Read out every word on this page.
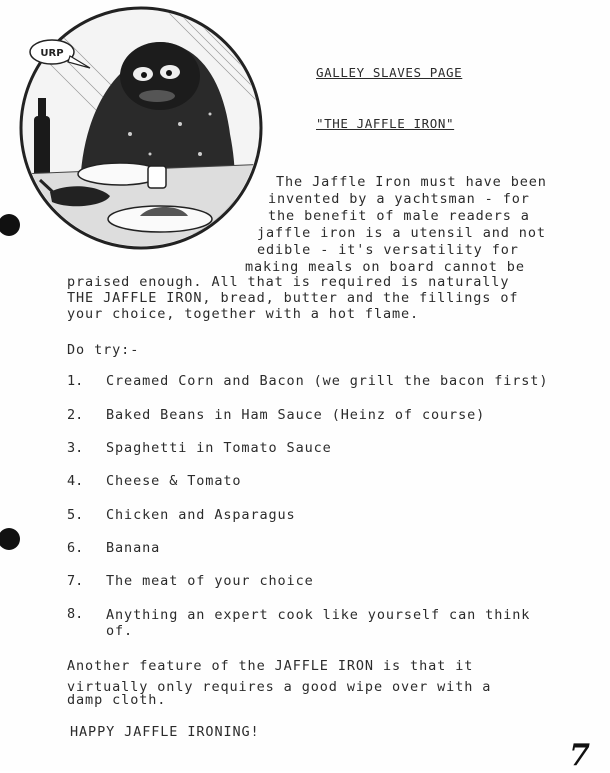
URP
GALLEY SLAVES PAGE
"THE JAFFLE IRON"
The Jaffle Iron must have been
invented by a yachtsman - for
the benefit of male readers a
jaffle iron is a utensil and not
edible - it's versatility for
making meals on board cannot be
praised enough. All that is required is naturally
THE JAFFLE IRON, bread, butter and the fillings of
your choice, together with a hot flame.
Do try:-
1. Creamed Corn and Bacon (we grill the bacon first)
2. Baked Beans in Ham Sauce (Heinz of course)
3. Spaghetti in Tomato Sauce
4. Cheese & Tomato
5. Chicken and Asparagus
6. Banana
7. The meat of your choice
8. Anything an expert cook like yourself can think
of.
Another feature of the JAFFLE IRON is that it
virtually only requires a good wipe over with a
damp cloth.
HAPPY JAFFLE IRONING!
7
